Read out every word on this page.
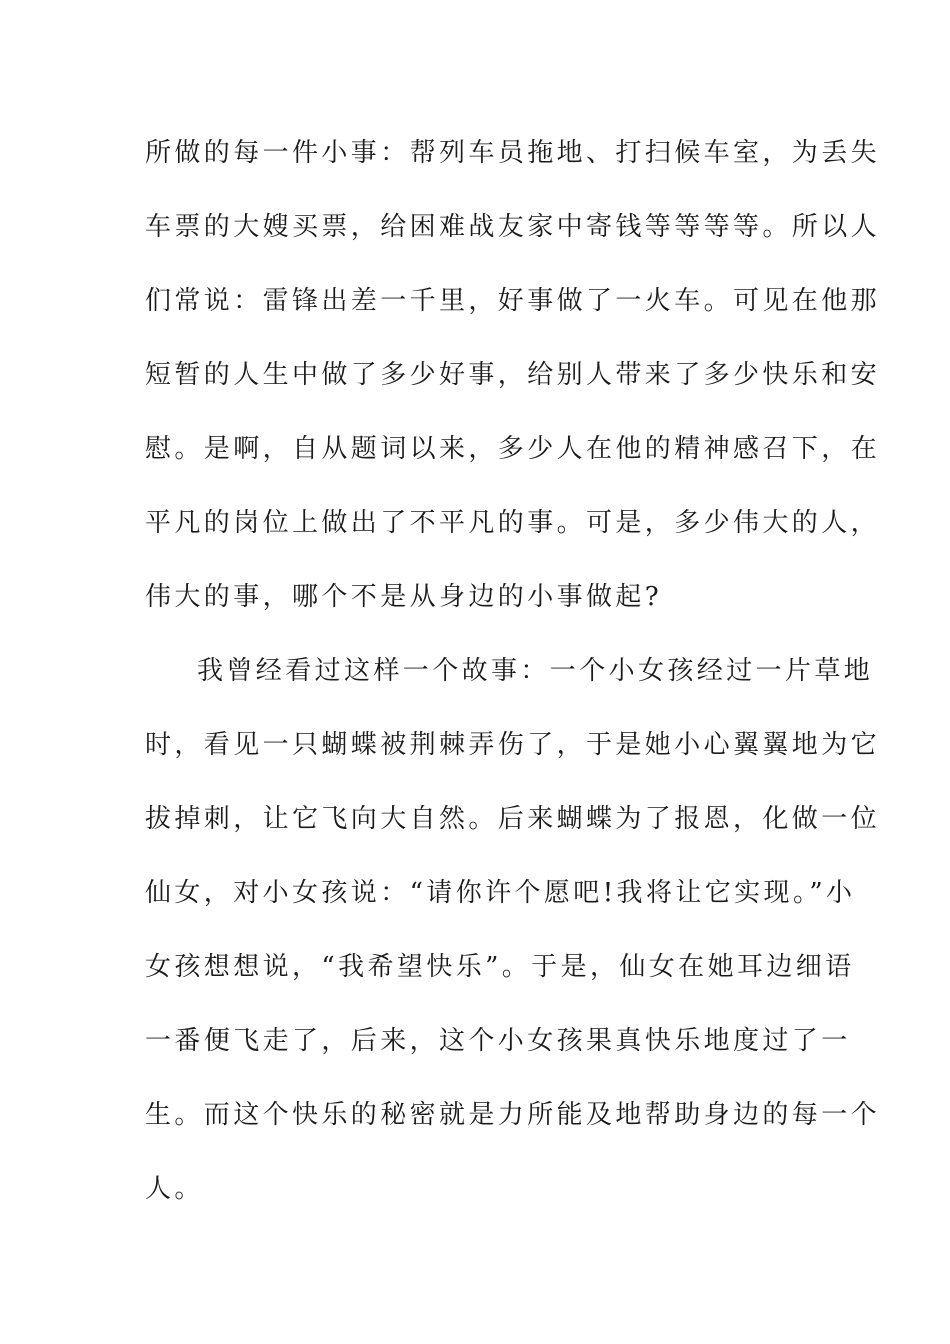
所做的每一件小事：帮列车员拖地、打扫候车室，为丢失
车票的大嫂买票，给困难战友家中寄钱等等等等。所以人
们常说：雷锋出差一千里，好事做了一火车。可见在他那
短暂的人生中做了多少好事，给别人带来了多少快乐和安
慰。是啊，自从题词以来，多少人在他的精神感召下，在
平凡的岗位上做出了不平凡的事。可是，多少伟大的人，
伟大的事，哪个不是从身边的小事做起?
我曾经看过这样一个故事：一个小女孩经过一片草地
时，看见一只蝴蝶被荆棘弄伤了，于是她小心翼翼地为它
拔掉刺，让它飞向大自然。后来蝴蝶为了报恩，化做一位
仙女，对小女孩说：“请你许个愿吧!我将让它实现。”小
女孩想想说，“我希望快乐”。于是，仙女在她耳边细语
一番便飞走了，后来，这个小女孩果真快乐地度过了一
生。而这个快乐的秘密就是力所能及地帮助身边的每一个
人。
